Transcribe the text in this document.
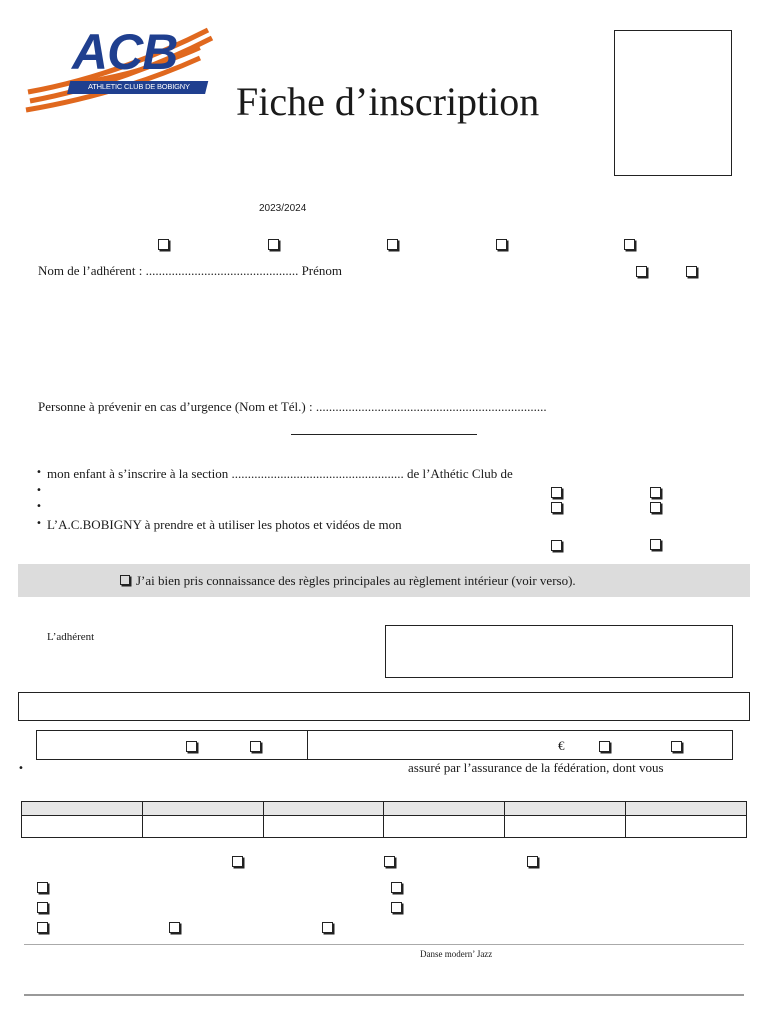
ACB
ATHLETIC CLUB DE BOBIGNY Fiche d’inscription
2023/2024
Nom de l’adhérent : ............................................... Prénom
Personne à prévenir en cas d’urgence (Nom et Tél.) : .......................................................................
• mon enfant à s’inscrire à la section ..................................................... de l’Athétic Club de
•
•
• L’A.C.BOBIGNY à prendre et à utiliser les photos et vidéos de mon
J’ai bien pris connaissance des règles principales au règlement intérieur (voir verso).
L’adhérent
€
•	assuré par l’assurance de la fédération, dont vous

Danse modern’ Jazz
